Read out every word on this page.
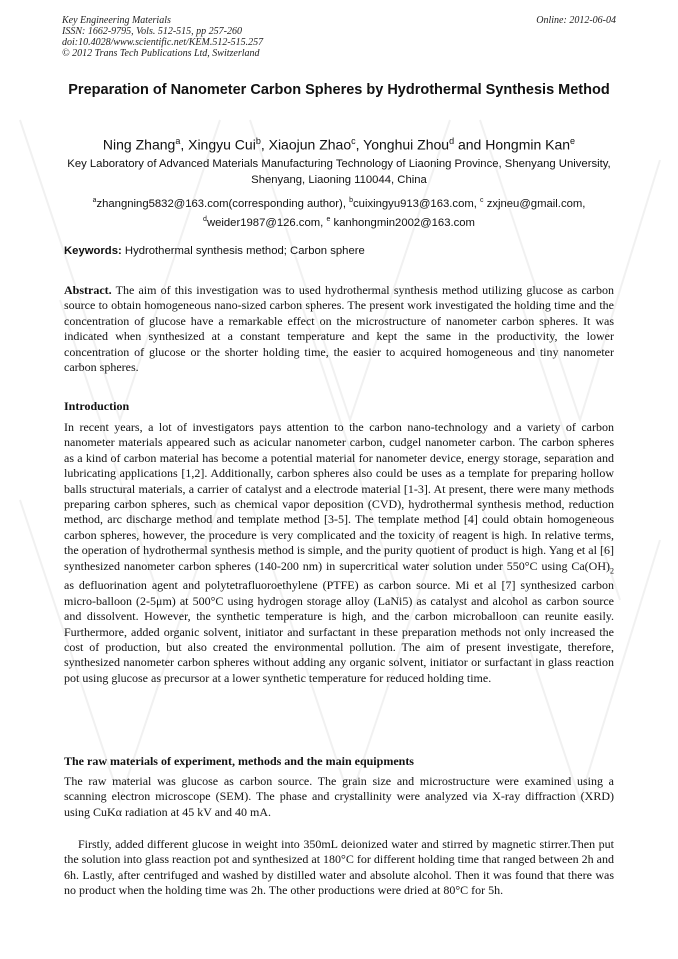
Key Engineering Materials
ISSN: 1662-9795, Vols. 512-515, pp 257-260
doi:10.4028/www.scientific.net/KEM.512-515.257
© 2012 Trans Tech Publications Ltd, Switzerland
Online: 2012-06-04
Preparation of Nanometer Carbon Spheres by Hydrothermal Synthesis Method
Ning Zhang$^a$, Xingyu Cui$^b$, Xiaojun Zhao$^c$, Yonghui Zhou$^d$ and Hongmin Kan$^e$
Key Laboratory of Advanced Materials Manufacturing Technology of Liaoning Province, Shenyang University, Shenyang, Liaoning 110044, China
$^a$zhangning5832@163.com(corresponding author), $^b$cuixingyu913@163.com, $^c$ zxjneu@gmail.com,
$^d$weider1987@126.com, $^e$ kanhongmin2002@163.com
Keywords: Hydrothermal synthesis method; Carbon sphere
Abstract. The aim of this investigation was to used hydrothermal synthesis method utilizing glucose as carbon source to obtain homogeneous nano-sized carbon spheres. The present work investigated the holding time and the concentration of glucose have a remarkable effect on the microstructure of nanometer carbon spheres. It was indicated when synthesized at a constant temperature and kept the same in the productivity, the lower concentration of glucose or the shorter holding time, the easier to acquired homogeneous and tiny nanometer carbon spheres.
Introduction
In recent years, a lot of investigators pays attention to the carbon nano-technology and a variety of carbon nanometer materials appeared such as acicular nanometer carbon, cudgel nanometer carbon. The carbon spheres as a kind of carbon material has become a potential material for nanometer device, energy storage, separation and lubricating applications [1,2]. Additionally, carbon spheres also could be uses as a template for preparing hollow balls structural materials, a carrier of catalyst and a electrode material [1-3]. At present, there were many methods preparing carbon spheres, such as chemical vapor deposition (CVD), hydrothermal synthesis method, reduction method, arc discharge method and template method [3-5]. The template method [4] could obtain homogeneous carbon spheres, however, the procedure is very complicated and the toxicity of reagent is high. In relative terms, the operation of hydrothermal synthesis method is simple, and the purity quotient of product is high. Yang et al [6] synthesized nanometer carbon spheres (140-200 nm) in supercritical water solution under 550°C using $Ca(OH)_2$ as defluorination agent and polytetrafluoroethylene (PTFE) as carbon source. Mi et al [7] synthesized carbon micro-balloon (2-5μm) at 500°C using hydrogen storage alloy (LaNi5) as catalyst and alcohol as carbon source and dissolvent. However, the synthetic temperature is high, and the carbon microballoon can reunite easily. Furthermore, added organic solvent, initiator and surfactant in these preparation methods not only increased the cost of production, but also created the environmental pollution. The aim of present investigate, therefore, synthesized nanometer carbon spheres without adding any organic solvent, initiator or surfactant in glass reaction pot using glucose as precursor at a lower synthetic temperature for reduced holding time.
The raw materials of experiment, methods and the main equipments
The raw material was glucose as carbon source. The grain size and microstructure were examined using a scanning electron microscope (SEM). The phase and crystallinity were analyzed via X-ray diffraction (XRD) using CuKα radiation at 45 kV and 40 mA.
Firstly, added different glucose in weight into 350mL deionized water and stirred by magnetic stirrer.Then put the solution into glass reaction pot and synthesized at 180°C for different holding time that ranged between 2h and 6h. Lastly, after centrifuged and washed by distilled water and absolute alcohol. Then it was found that there was no product when the holding time was 2h. The other productions were dried at 80°C for 5h.
